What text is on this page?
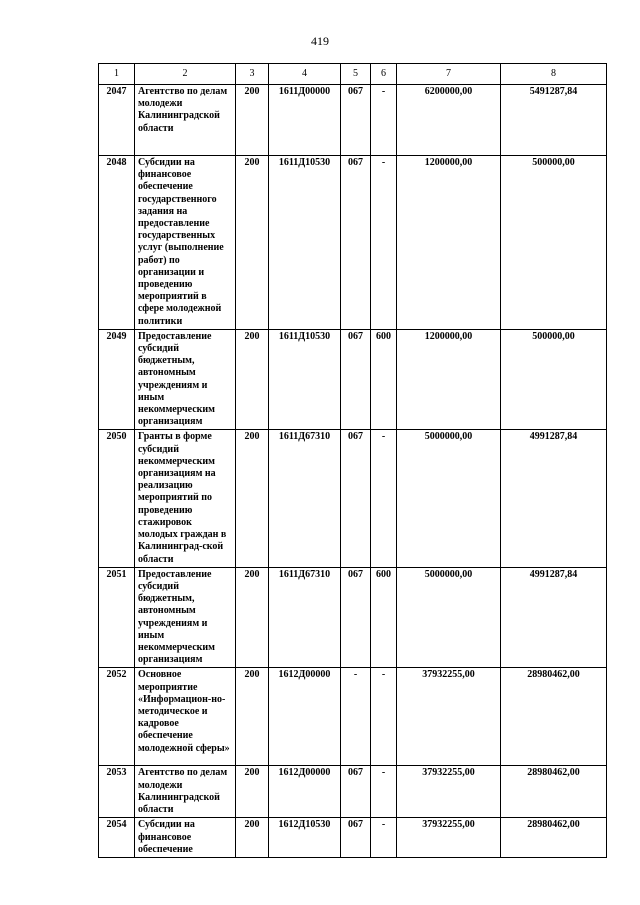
419
1	2	3	4	5	6	7	8
2047	Агентство по делам молодежи Калининградской области	200	1611Д00000	067	-	6200000,00	5491287,84
2048	Субсидии на финансовое обеспечение государственного задания на предоставление государственных услуг (выполнение работ) по организации и проведению мероприятий в сфере молодежной политики	200	1611Д10530	067	-	1200000,00	500000,00
2049	Предоставление субсидий бюджетным, автономным учреждениям и иным некоммерческим организациям	200	1611Д10530	067	600	1200000,00	500000,00
2050	Гранты в форме субсидий некоммерческим организациям на реализацию мероприятий по проведению стажировок молодых граждан в Калининград-ской области	200	1611Д67310	067	-	5000000,00	4991287,84
2051	Предоставление субсидий бюджетным, автономным учреждениям и иным некоммерческим организациям	200	1611Д67310	067	600	5000000,00	4991287,84
2052	Основное мероприятие «Информацион-но-методическое и кадровое обеспечение молодежной сферы»	200	1612Д00000	-	-	37932255,00	28980462,00
2053	Агентство по делам молодежи Калининградской области	200	1612Д00000	067	-	37932255,00	28980462,00
2054	Субсидии на финансовое обеспечение	200	1612Д10530	067	-	37932255,00	28980462,00
